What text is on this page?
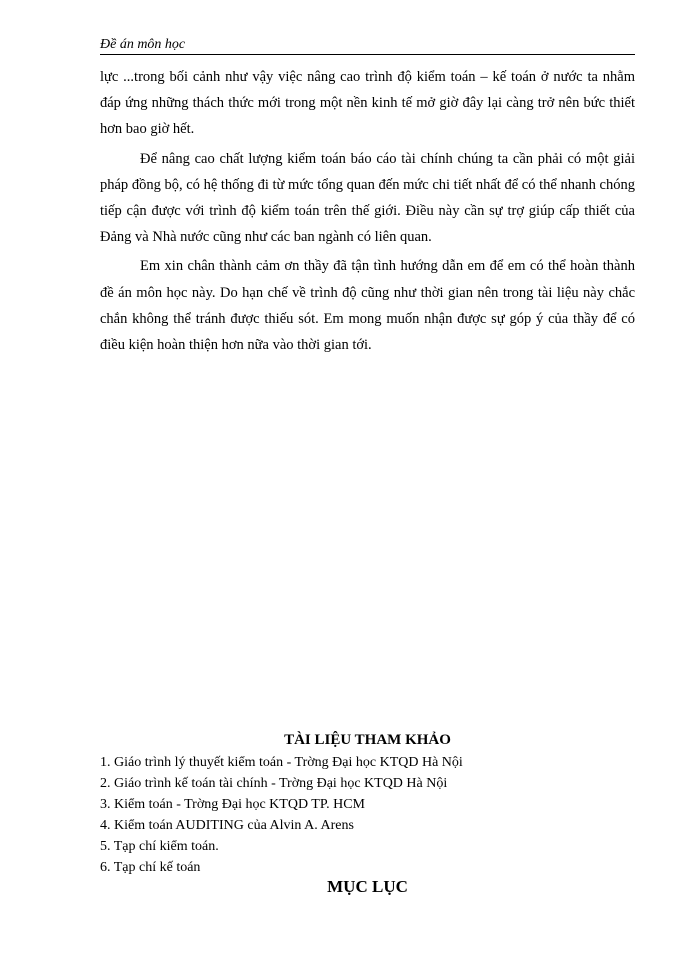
Đề án môn học

lực ...trong bối cảnh như vậy việc nâng cao trình độ kiểm toán – kế toán ở nước ta nhằm đáp ứng những thách thức mới trong một nền kinh tế mở giờ đây lại càng trở nên bức thiết hơn bao giờ hết.

Để nâng cao chất lượng kiểm toán báo cáo tài chính chúng ta cần phải có một giải pháp đồng bộ, có hệ thống đi từ mức tổng quan đến mức chi tiết nhất để có thể nhanh chóng tiếp cận được với trình độ kiểm toán trên thế giới. Điều này cần sự trợ giúp cấp thiết của Đảng và Nhà nước cũng như các ban ngành có liên quan.

Em xin chân thành cảm ơn thầy đã tận tình hướng dẫn em để em có thể hoàn thành đề án môn học này. Do hạn chế về trình độ cũng như thời gian nên trong tài liệu này chắc chắn không thể tránh được thiếu sót. Em mong muốn nhận được sự góp ý của thầy để có điều kiện hoàn thiện hơn nữa vào thời gian tới.

TÀI LIỆU THAM KHẢO
1. Giáo trình lý thuyết kiểm toán - Trờng Đại học KTQD Hà Nội
2. Giáo trình kế toán tài chính - Trờng Đại học KTQD Hà Nội
3. Kiểm toán - Trờng Đại học KTQD TP. HCM
4. Kiểm toán AUDITING của Alvin A. Arens
5. Tạp chí kiểm toán.
6. Tạp chí kế toán
MỤC LỤC
